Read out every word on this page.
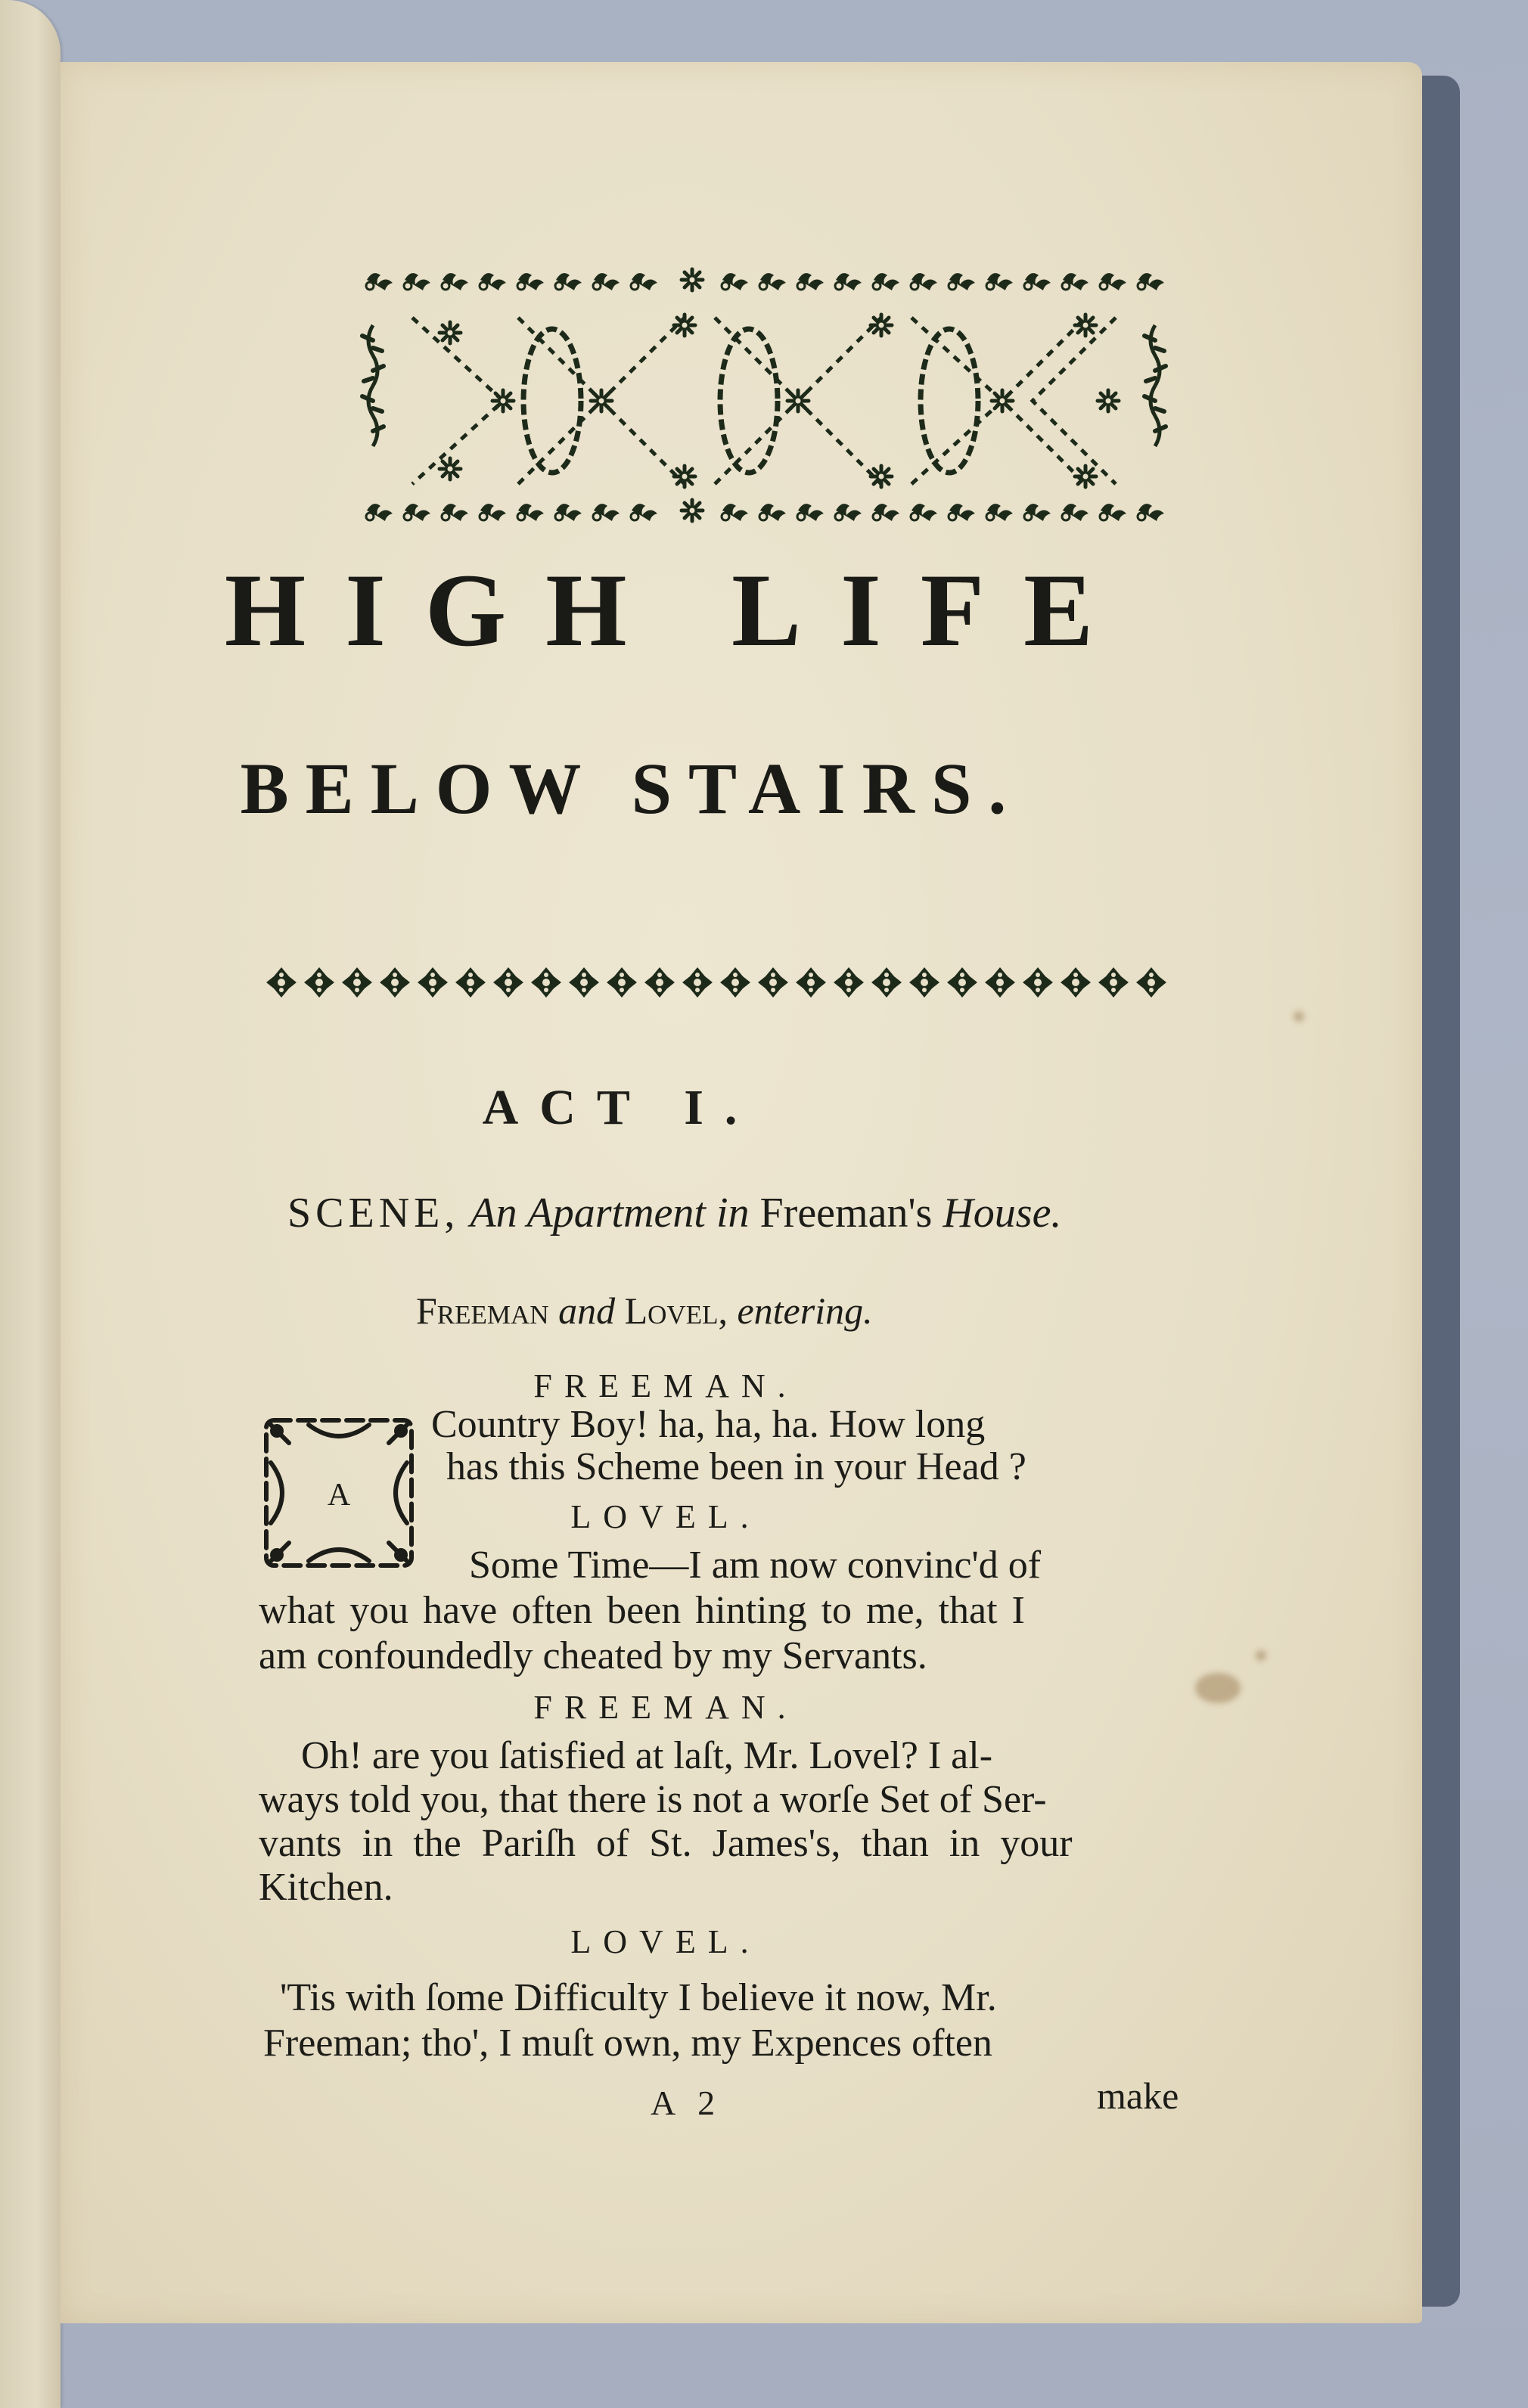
HIGH LIFE
BELOW STAIRS.
ACT I.
SCENE, An Apartment in Freeman's House.
Freeman and Lovel, entering.
FREEMAN.
A
Country Boy! ha, ha, ha. How long
has this Scheme been in your Head ?
LOVEL.
Some Time—I am now convinc'd of
what you have often been hinting to me, that I
am confoundedly cheated by my Servants.
FREEMAN.
Oh! are you ſatisfied at laſt, Mr. Lovel? I al-
ways told you, that there is not a worſe Set of Ser-
vants in the Pariſh of St. James's, than in your
Kitchen.
LOVEL.
'Tis with ſome Difficulty I believe it now, Mr.
Freeman; tho', I muſt own, my Expences often
A 2	make
